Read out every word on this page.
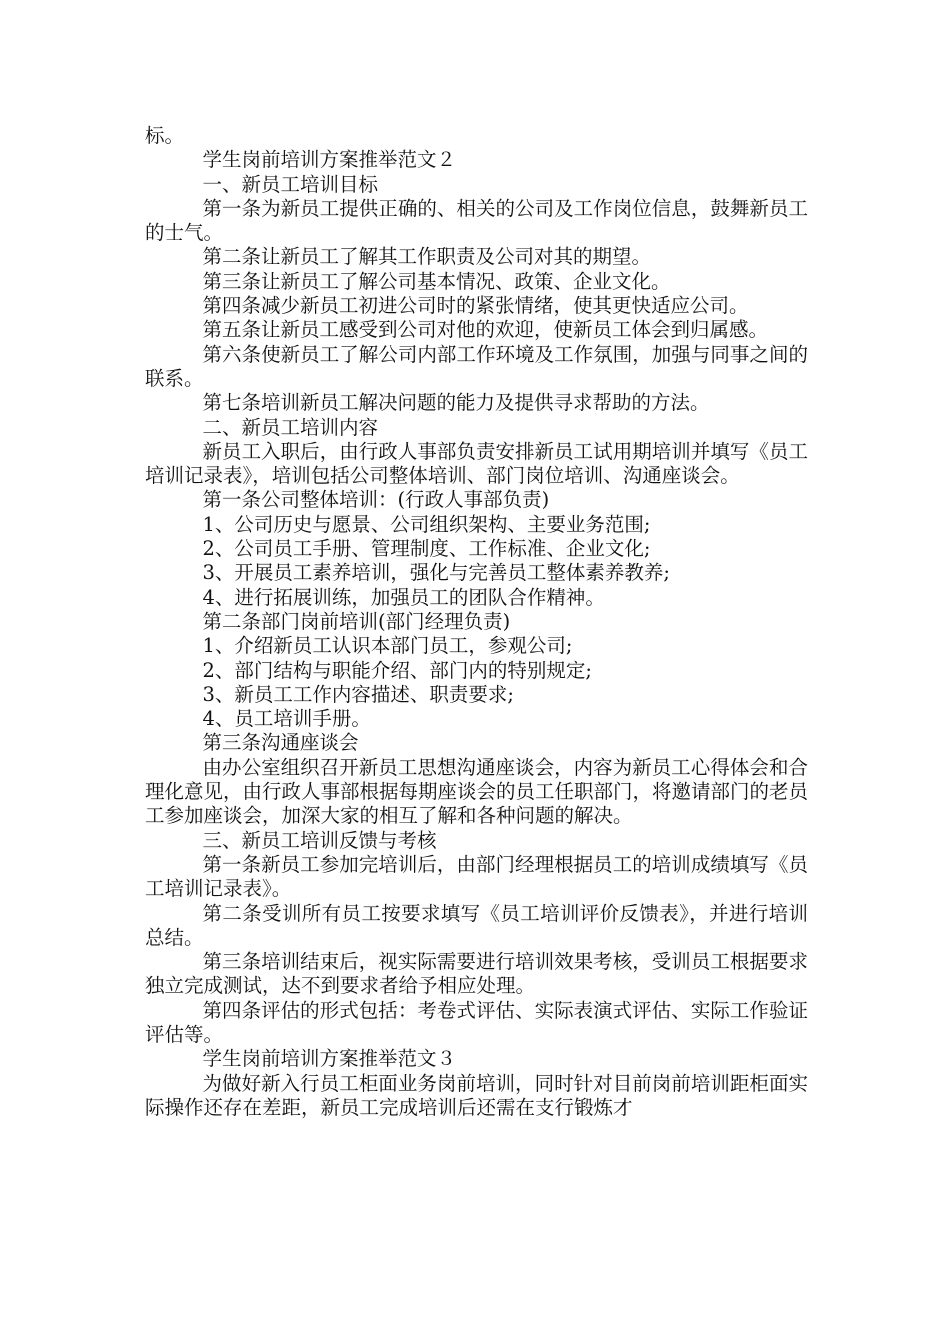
标。

学生岗前培训方案推举范文２

一、新员工培训目标

第一条为新员工提供正确的、相关的公司及工作岗位信息，鼓舞新员工的士气。

第二条让新员工了解其工作职责及公司对其的期望。

第三条让新员工了解公司基本情况、政策、企业文化。

第四条减少新员工初进公司时的紧张情绪，使其更快适应公司。

第五条让新员工感受到公司对他的欢迎，使新员工体会到归属感。

第六条使新员工了解公司内部工作环境及工作氛围，加强与同事之间的联系。

第七条培训新员工解决问题的能力及提供寻求帮助的方法。

二、新员工培训内容

新员工入职后，由行政人事部负责安排新员工试用期培训并填写《员工培训记录表》，培训包括公司整体培训、部门岗位培训、沟通座谈会。

第一条公司整体培训：(行政人事部负责)

1、公司历史与愿景、公司组织架构、主要业务范围;

2、公司员工手册、管理制度、工作标准、企业文化;

3、开展员工素养培训，强化与完善员工整体素养教养;

4、进行拓展训练，加强员工的团队合作精神。

第二条部门岗前培训(部门经理负责)

1、介绍新员工认识本部门员工，参观公司;

2、部门结构与职能介绍、部门内的特别规定;

3、新员工工作内容描述、职责要求;

4、员工培训手册。

第三条沟通座谈会

由办公室组织召开新员工思想沟通座谈会，内容为新员工心得体会和合理化意见，由行政人事部根据每期座谈会的员工任职部门，将邀请部门的老员工参加座谈会，加深大家的相互了解和各种问题的解决。

三、新员工培训反馈与考核

第一条新员工参加完培训后，由部门经理根据员工的培训成绩填写《员工培训记录表》。

第二条受训所有员工按要求填写《员工培训评价反馈表》，并进行培训总结。

第三条培训结束后，视实际需要进行培训效果考核，受训员工根据要求独立完成测试，达不到要求者给予相应处理。

第四条评估的形式包括：考卷式评估、实际表演式评估、实际工作验证评估等。

学生岗前培训方案推举范文３

为做好新入行员工柜面业务岗前培训，同时针对目前岗前培训距柜面实际操作还存在差距，新员工完成培训后还需在支行锻炼才
